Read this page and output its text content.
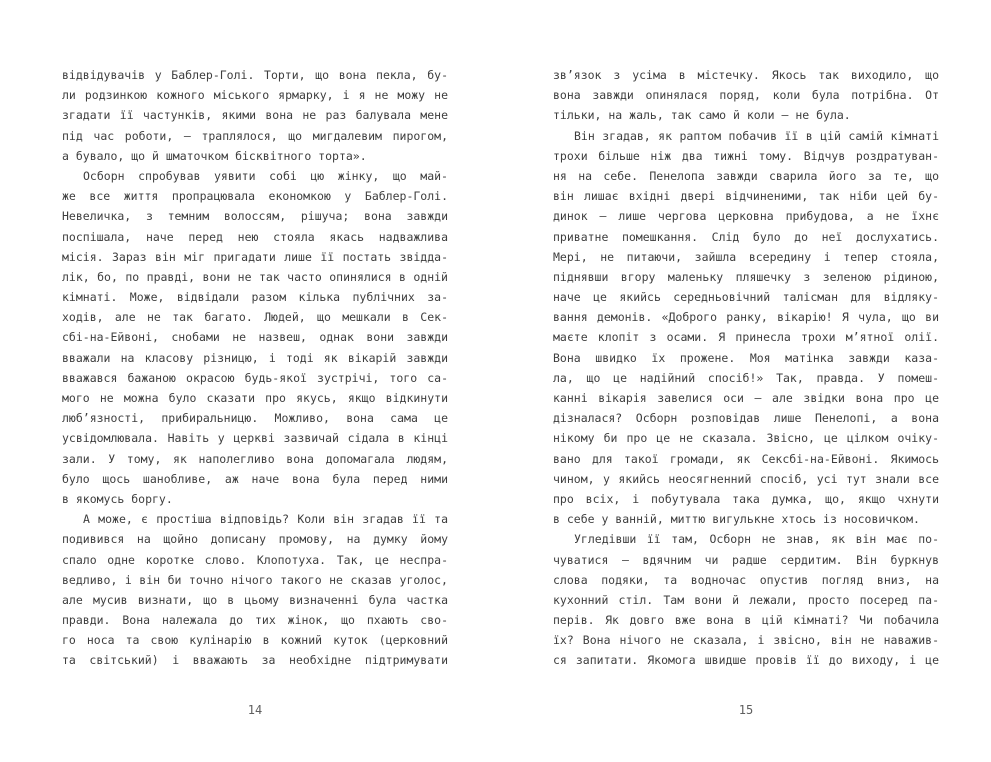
відвідувачів у Баблер-Голі. Торти, що вона пекла, бу-
ли родзинкою кожного міського ярмарку, і я не можу не
згадати її частунків, якими вона не раз балувала мене
під час роботи, — траплялося, що мигдалевим пирогом,
а бувало, що й шматочком бісквітного торта».
Осборн спробував уявити собі цю жінку, що май-
же все життя пропрацювала економкою у Баблер-Голі.
Невеличка, з темним волоссям, рішуча; вона завжди
поспішала, наче перед нею стояла якась надважлива
місія. Зараз він міг пригадати лише її постать звідда-
лік, бо, по правді, вони не так часто опинялися в одній
кімнаті. Може, відвідали разом кілька публічних за-
ходів, але не так багато. Людей, що мешкали в Сек-
сбі-на-Ейвоні, снобами не назвеш, однак вони завжди
вважали на класову різницю, і тоді як вікарій завжди
вважався бажаною окрасою будь-якої зустрічі, того са-
мого не можна було сказати про якусь, якщо відкинути
люб’язності, прибиральницю. Можливо, вона сама це
усвідомлювала. Навіть у церкві зазвичай сідала в кінці
зали. У тому, як наполегливо вона допомагала людям,
було щось шанобливе, аж наче вона була перед ними
в якомусь боргу.
А може, є простіша відповідь? Коли він згадав її та
подивився на щойно дописану промову, на думку йому
спало одне коротке слово. Клопотуха. Так, це неспра-
ведливо, і він би точно нічого такого не сказав уголос,
але мусив визнати, що в цьому визначенні була частка
правди. Вона належала до тих жінок, що пхають сво-
го носа та свою кулінарію в кожний куток (церковний
та світський) і вважають за необхідне підтримувати
зв’язок з усіма в містечку. Якось так виходило, що
вона завжди опинялася поряд, коли була потрібна. От
тільки, на жаль, так само й коли — не була.
Він згадав, як раптом побачив її в цій самій кімнаті
трохи більше ніж два тижні тому. Відчув роздратуван-
ня на себе. Пенелопа завжди сварила його за те, що
він лишає вхідні двері відчиненими, так ніби цей бу-
динок — лише чергова церковна прибудова, а не їхнє
приватне помешкання. Слід було до неї дослухатись.
Мері, не питаючи, зайшла всередину і тепер стояла,
піднявши вгору маленьку пляшечку з зеленою рідиною,
наче це якийсь середньовічний талісман для відляку-
вання демонів. «Доброго ранку, вікарію! Я чула, що ви
маєте клопіт з осами. Я принесла трохи м’ятної олії.
Вона швидко їх прожене. Моя матінка завжди каза-
ла, що це надійний спосіб!» Так, правда. У помеш-
канні вікарія завелися оси — але звідки вона про це
дізналася? Осборн розповідав лише Пенелопі, а вона
нікому би про це не сказала. Звісно, це цілком очіку-
вано для такої громади, як Сексбі-на-Ейвоні. Якимось
чином, у якийсь неосягненний спосіб, усі тут знали все
про всіх, і побутувала така думка, що, якщо чхнути
в себе у ванній, миттю вигулькне хтось із носовичком.
Угледівши її там, Осборн не знав, як він має по-
чуватися — вдячним чи радше сердитим. Він буркнув
слова подяки, та водночас опустив погляд вниз, на
кухонний стіл. Там вони й лежали, просто посеред па-
перів. Як довго вже вона в цій кімнаті? Чи побачила
їх? Вона нічого не сказала, і звісно, він не наважив-
ся запитати. Якомога швидше провів її до виходу, і це
14	15
